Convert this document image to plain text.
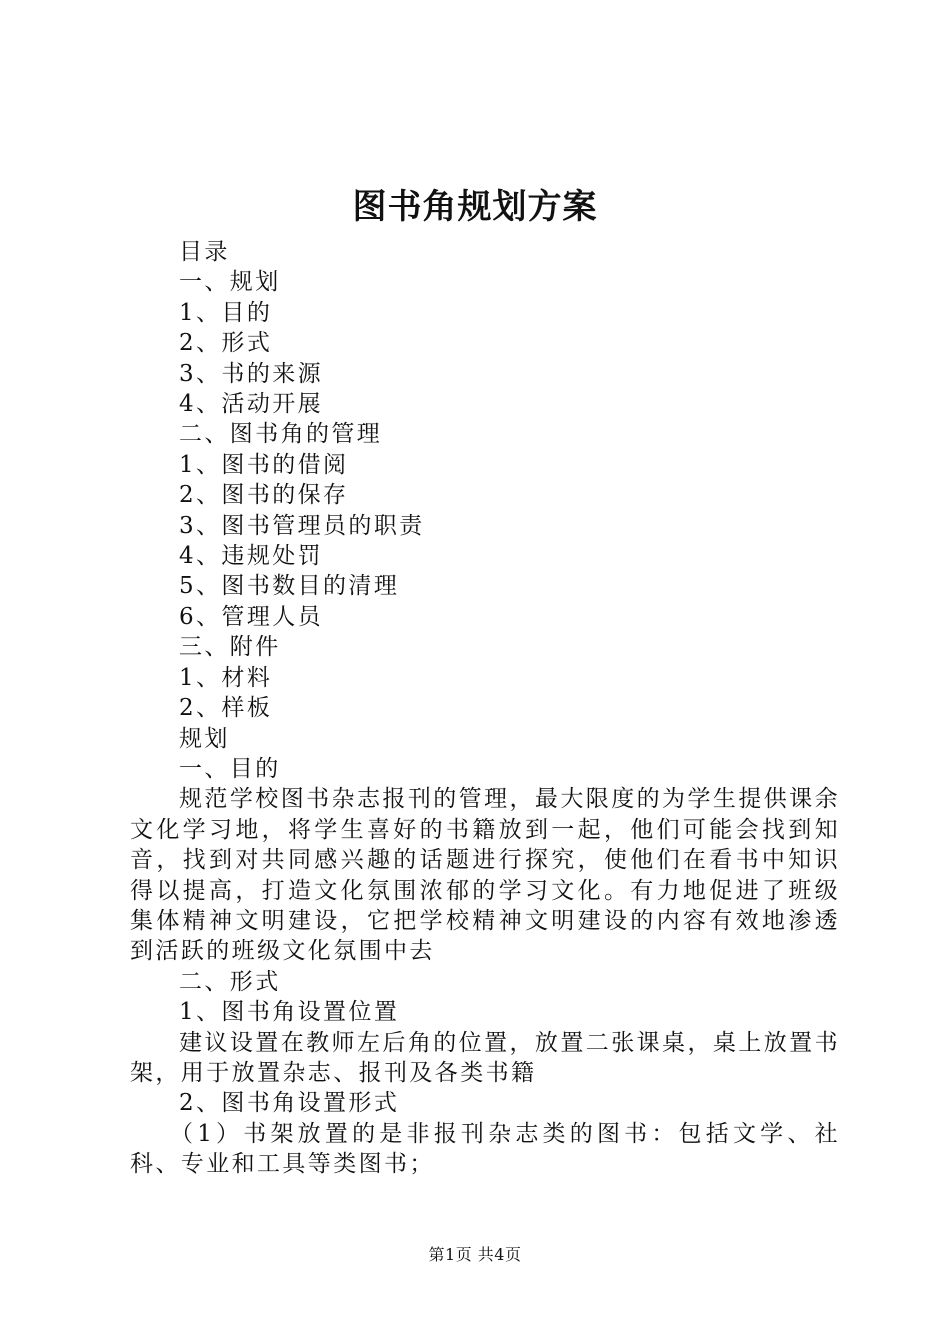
图书角规划方案

目录

一、规划

1、目的

2、形式

3、书的来源

4、活动开展

二、图书角的管理

1、图书的借阅

2、图书的保存

3、图书管理员的职责

4、违规处罚

5、图书数目的清理

6、管理人员

三、附件

1、材料

2、样板

规划

一、目的

规范学校图书杂志报刊的管理，最大限度的为学生提供课余文化学习地，将学生喜好的书籍放到一起，他们可能会找到知音，找到对共同感兴趣的话题进行探究，使他们在看书中知识得以提高，打造文化氛围浓郁的学习文化。有力地促进了班级集体精神文明建设，它把学校精神文明建设的内容有效地渗透到活跃的班级文化氛围中去

二、形式

1、图书角设置位置

建议设置在教师左后角的位置，放置二张课桌，桌上放置书架，用于放置杂志、报刊及各类书籍

2、图书角设置形式

（1）书架放置的是非报刊杂志类的图书：包括文学、社科、专业和工具等类图书；

第1页 共4页
